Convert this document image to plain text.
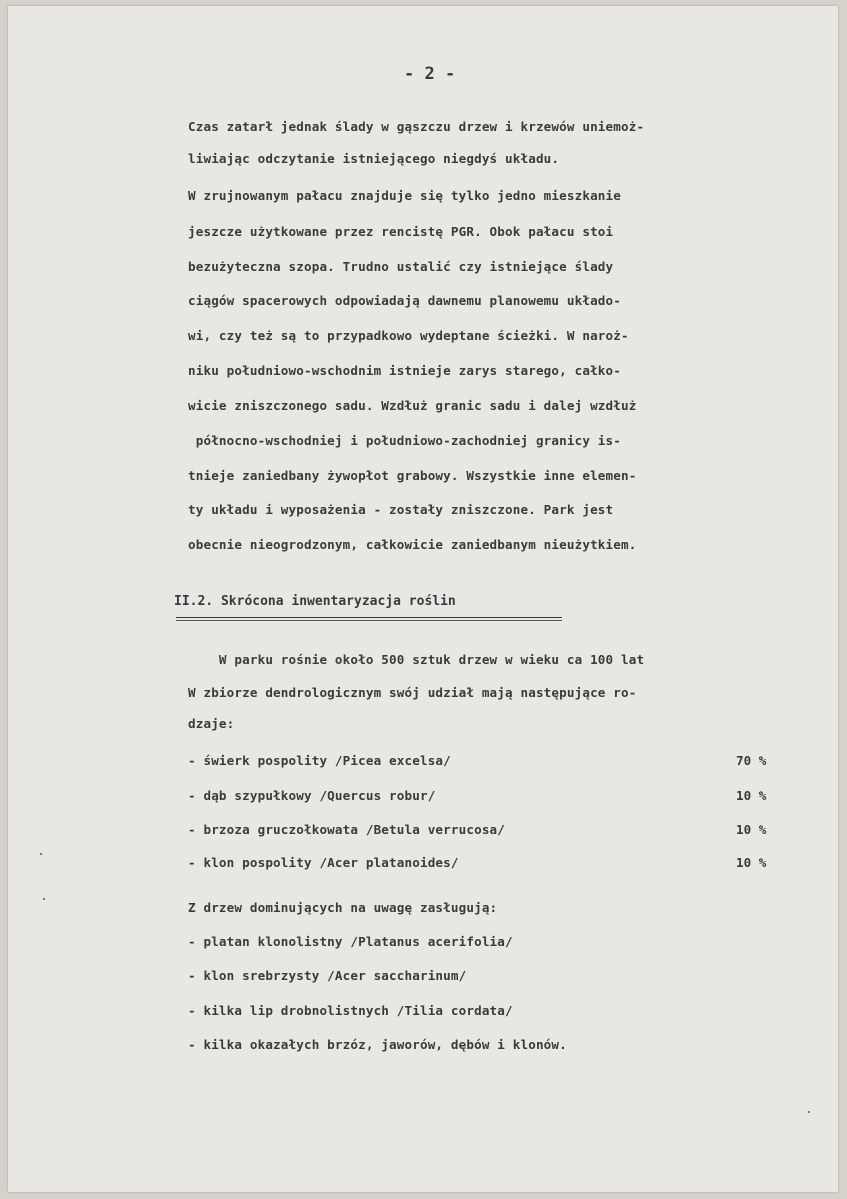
- 2 -
Czas zatarł jednak ślady w gąszczu drzew i krzewów uniemoż-
liwiając odczytanie istniejącego niegdyś układu.
W zrujnowanym pałacu znajduje się tylko jedno mieszkanie
jeszcze użytkowane przez rencistę PGR. Obok pałacu stoi
bezużyteczna szopa. Trudno ustalić czy istniejące ślady
ciągów spacerowych odpowiadają dawnemu planowemu układo-
wi, czy też są to przypadkowo wydeptane ścieżki. W naroż-
niku południowo-wschodnim istnieje zarys starego, całko-
wicie zniszczonego sadu. Wzdłuż granic sadu i dalej wzdłuż
północno-wschodniej i południowo-zachodniej granicy is-
tnieje zaniedbany żywopłot grabowy. Wszystkie inne elemen-
ty układu i wyposażenia - zostały zniszczone. Park jest
obecnie nieogrodzonym, całkowicie zaniedbanym nieużytkiem.
II.2. Skrócona inwentaryzacja roślin
W parku rośnie około 500 sztuk drzew w wieku ca 100 lat
W zbiorze dendrologicznym swój udział mają następujące ro-
dzaje:
- świerk pospolity /Picea excelsa/	70 %
- dąb szypułkowy /Quercus robur/	10 %
- brzoza gruczołkowata /Betula verrucosa/	10 %
- klon pospolity /Acer platanoides/	10 %
Z drzew dominujących na uwagę zasługują:
- platan klonolistny /Platanus acerifolia/
- klon srebrzysty /Acer saccharinum/
- kilka lip drobnolistnych /Tilia cordata/
- kilka okazałych brzóz, jaworów, dębów i klonów.
